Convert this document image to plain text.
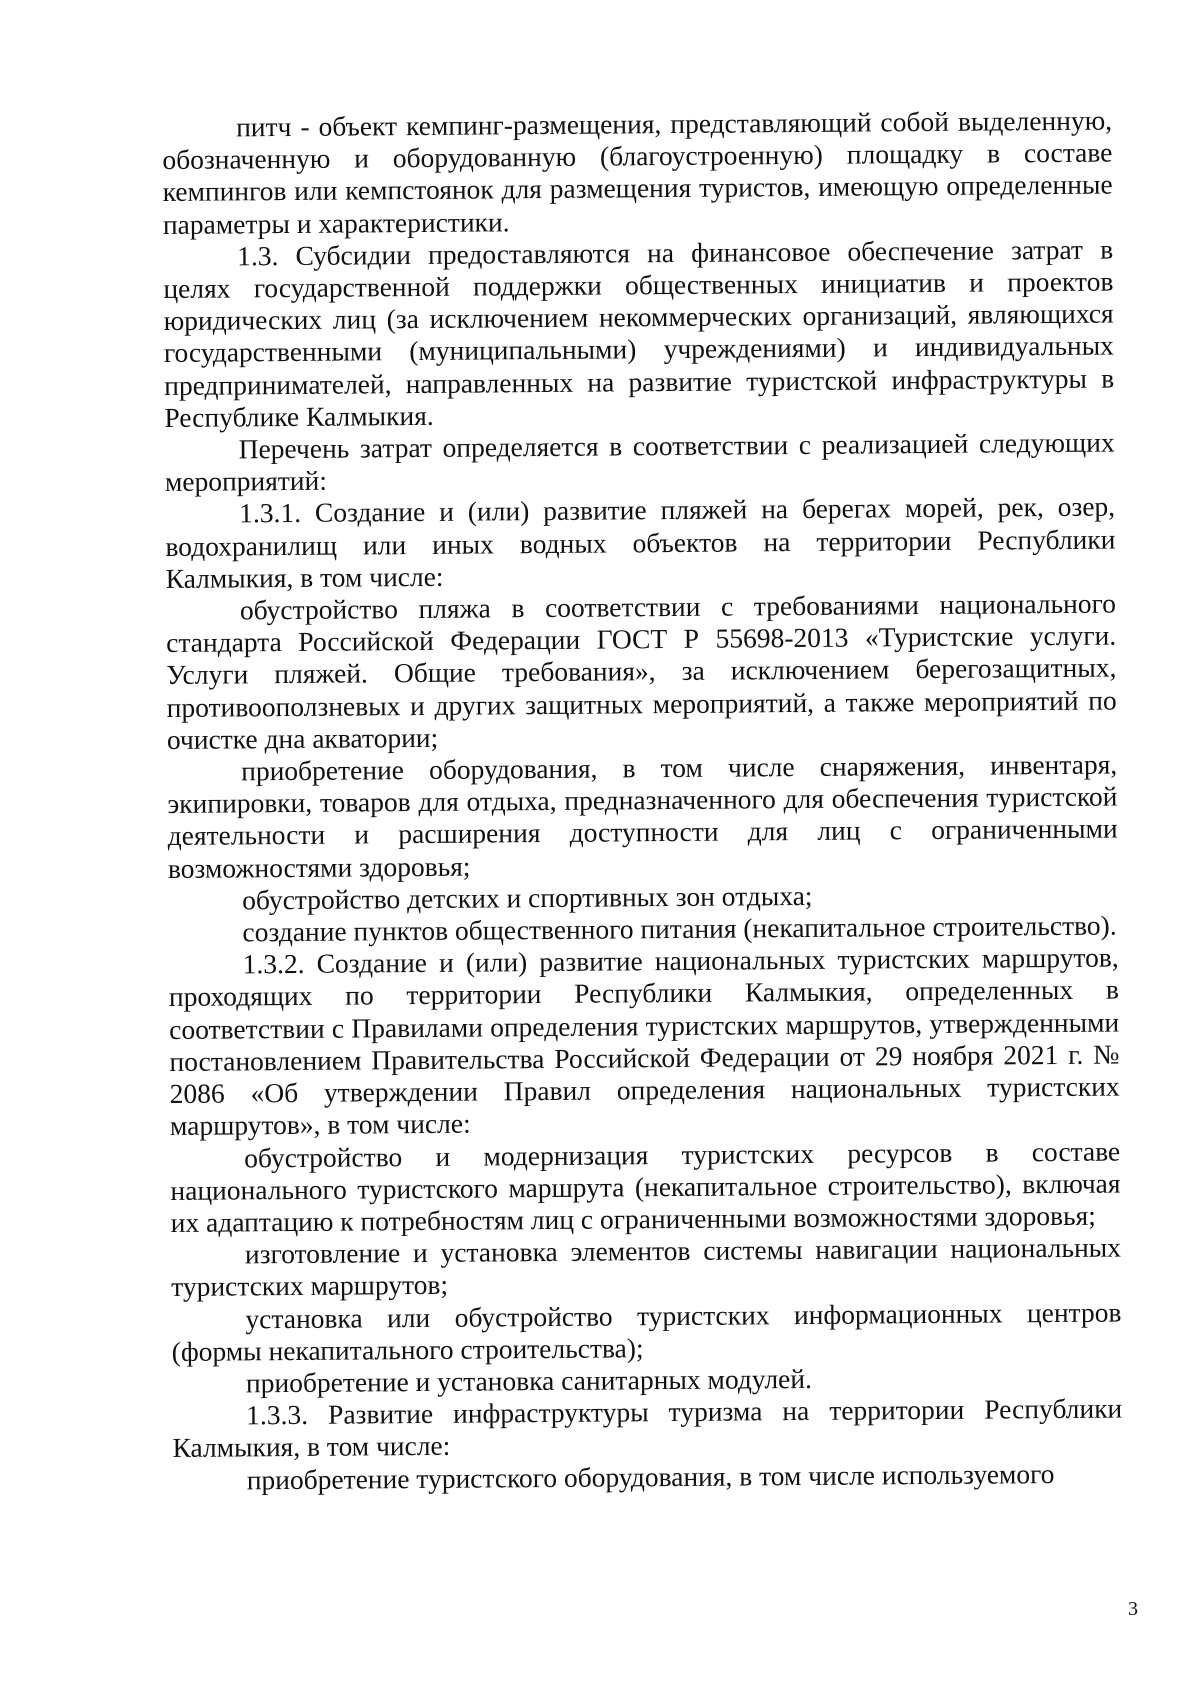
питч - объект кемпинг-размещения, представляющий собой выделенную, обозначенную и оборудованную (благоустроенную) площадку в составе кемпингов или кемпстоянок для размещения туристов, имеющую определенные параметры и характеристики.

1.3. Субсидии предоставляются на финансовое обеспечение затрат в целях государственной поддержки общественных инициатив и проектов юридических лиц (за исключением некоммерческих организаций, являющихся государственными (муниципальными) учреждениями) и индивидуальных предпринимателей, направленных на развитие туристской инфраструктуры в Республике Калмыкия.

Перечень затрат определяется в соответствии с реализацией следующих мероприятий:

1.3.1. Создание и (или) развитие пляжей на берегах морей, рек, озер, водохранилищ или иных водных объектов на территории Республики Калмыкия, в том числе:

обустройство пляжа в соответствии с требованиями национального стандарта Российской Федерации ГОСТ Р 55698-2013 «Туристские услуги. Услуги пляжей. Общие требования», за исключением берегозащитных, противооползневых и других защитных мероприятий, а также мероприятий по очистке дна акватории;

приобретение оборудования, в том числе снаряжения, инвентаря, экипировки, товаров для отдыха, предназначенного для обеспечения туристской деятельности и расширения доступности для лиц с ограниченными возможностями здоровья;

обустройство детских и спортивных зон отдыха;

создание пунктов общественного питания (некапитальное строительство).

1.3.2. Создание и (или) развитие национальных туристских маршрутов, проходящих по территории Республики Калмыкия, определенных в соответствии с Правилами определения туристских маршрутов, утвержденными постановлением Правительства Российской Федерации от 29 ноября 2021 г. № 2086 «Об утверждении Правил определения национальных туристских маршрутов», в том числе:

обустройство и модернизация туристских ресурсов в составе национального туристского маршрута (некапитальное строительство), включая их адаптацию к потребностям лиц с ограниченными возможностями здоровья;

изготовление и установка элементов системы навигации национальных туристских маршрутов;

установка или обустройство туристских информационных центров (формы некапитального строительства);

приобретение и установка санитарных модулей.

1.3.3. Развитие инфраструктуры туризма на территории Республики Калмыкия, в том числе:

приобретение туристского оборудования, в том числе используемого

3
